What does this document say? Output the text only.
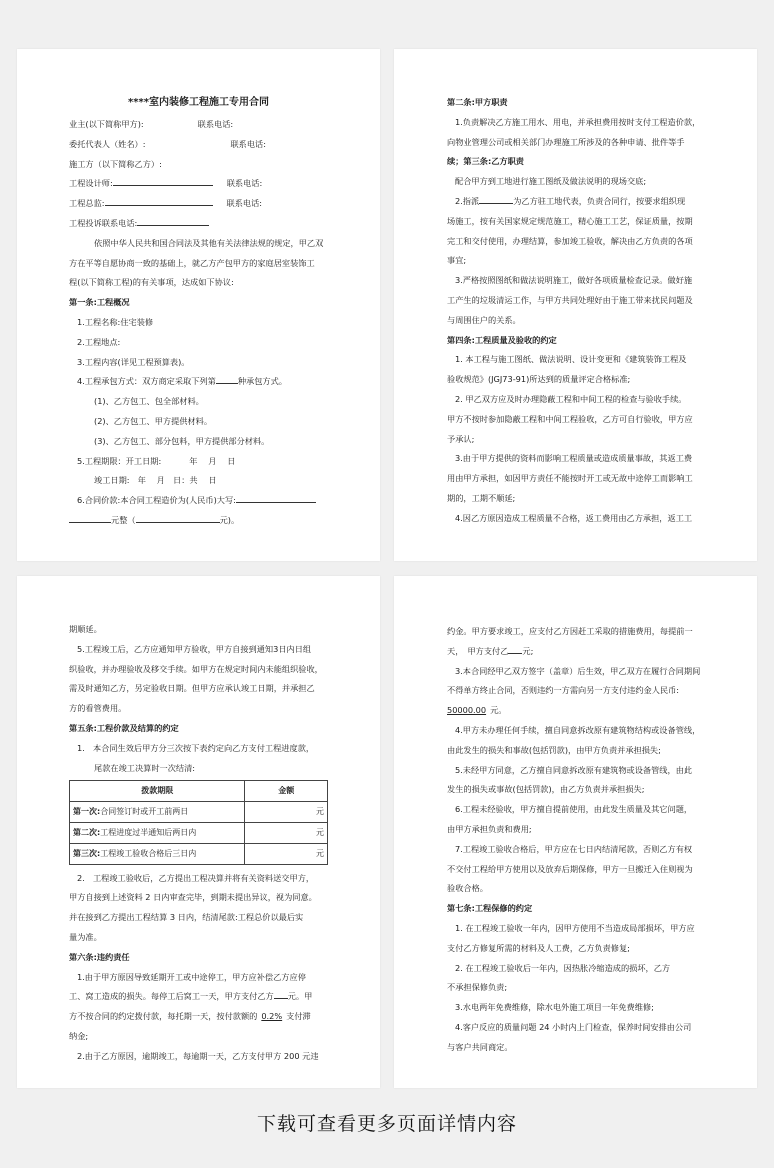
****室内装修工程施工专用合同
业主(以下简称甲方):	联系电话:
委托代表人（姓名）:	联系电话:
施工方（以下简称乙方）:
工程设计师:	联系电话:
工程总监:	联系电话:
工程投诉联系电话:
依照中华人民共和国合同法及其他有关法律法规的规定，甲乙双
方在平等自愿协商一致的基础上，就乙方产包甲方的家庭居室装饰工
程(以下简称工程)的有关事项，达成如下协议:
第一条:工程概况
1.工程名称:住宅装修
2.工程地点:
3.工程内容(详见工程预算表)。
4.工程承包方式：双方商定采取下列第	种承包方式。
(1)、乙方包工、包全部材料。
(2)、乙方包工、甲方提供材料。
(3)、乙方包工、部分包料，甲方提供部分材料。
5.工程期限：开工日期:	年　 月　 日
竣工日期:　年　 月　日：共　 日
6.合同价款:本合同工程造价为(人民币)大写:
元整（	元)。
第二条:甲方职责
1.负责解决乙方施工用水、用电，并承担费用按时支付工程造价款，
向物业管理公司或相关部门办理施工所涉及的各种申请、批件等手
续；第三条:乙方职责
配合甲方到工地进行施工图纸及做法说明的现场交底;
2.指派	为乙方驻工地代表，负责合同行，按要求组织现
场施工，按有关国家规定规范施工，精心施工工艺，保证质量，按期
完工和交付使用，办理结算，参加竣工验收，解决由乙方负责的各项
事宜;
3.严格按照图纸和做法说明施工，做好各项质量检查记录。做好施
工产生的垃圾清运工作，与甲方共同处理好由于施工带来扰民问题及
与周围住户的关系。
第四条:工程质量及验收的约定
1. 本工程与施工图纸、做法说明、设计变更和《建筑装饰工程及
验收规范》(JGJ73-91)所达到的质量评定合格标准;
2. 甲乙双方应及时办理隐蔽工程和中间工程的检查与验收手续。
甲方不按时参加隐蔽工程和中间工程验收，乙方可自行验收，甲方应
予承认;
3.由于甲方提供的资料而影响工程质量或造成质量事故，其返工费
用由甲方承担，如因甲方责任不能按时开工或无故中途停工而影响工
期的，工期不顺延;
4.因乙方原因造成工程质量不合格，返工费用由乙方承担，返工工
期顺延。
5.工程竣工后，乙方应通知甲方验收，甲方自接到通知3日内日组
织验收，并办理验收及移交手续。如甲方在规定时间内未能组织验收，
需及时通知乙方，另定验收日期。但甲方应承认竣工日期，并承担乙
方的看管费用。
第五条:工程价款及结算的约定
1.　本合同生效后甲方分三次按下表约定向乙方支付工程进度款，
尾款在竣工决算时一次结清:
拨款期限	金额
第一次:合同签订时或开工前两日	元
第二次:工程进度过半通知后两日内	元
第三次:工程竣工验收合格后三日内	元
2.　工程竣工验收后，乙方提出工程决算并将有关资料送交甲方，
甲方自接到上述资料 2 日内审查完毕，到期未提出异议，视为同意。
并在接到乙方提出工程结算 3 日内，结清尾款:工程总价以最后实
量为准。
第六条:违约责任
1.由于甲方原因导致延期开工或中途停工，甲方应补偿乙方应停
工、窝工造成的损失。每停工后窝工一天，甲方支付乙方 元。甲
方不按合同的约定拨付款，每托期一天，按付款额的 0.2% 支付滞
纳金;
2.由于乙方原因，逾期竣工，每逾期一天，乙方支付甲方 200 元违
约金。甲方要求竣工，应支付乙方因赶工采取的措施费用，每提前一
天，　甲方支付乙 元;
3.本合同经甲乙双方签字（盖章）后生效，甲乙双方在履行合同期间
不得单方终止合同，否则违约一方需向另一方支付违约金人民币:
50000.00 元。
4.甲方未办理任何手续，擅自同意拆改原有建筑物结构或设备管线，
由此发生的损失和事故(包括罚款)，由甲方负责并承担损失;
5.未经甲方同意，乙方擅自同意拆改原有建筑物或设备管线，由此
发生的损失或事故(包括罚款)，由乙方负责并承担损失;
6.工程未经验收，甲方擅自提前使用，由此发生质量及其它问题，
由甲方承担负责和费用;
7.工程竣工验收合格后，甲方应在七日内结清尾款，否则乙方有权
不交付工程给甲方使用以及放弃后期保修，甲方一旦搬迁入住则视为
验收合格。
第七条:工程保修的约定
1. 在工程竣工验收一年内，因甲方使用不当造成局部损坏，甲方应
支付乙方修复所需的材料及人工费，乙方负责修复;
2. 在工程竣工验收后一年内，因热胀冷缩造成的损坏，乙方
不承担保修负责;
3.水电两年免费维修，除水电外施工项目一年免费维修;
4.客户反应的质量问题 24 小时内上门检查，保养时间安排由公司
与客户共同商定。
下载可查看更多页面详情内容
